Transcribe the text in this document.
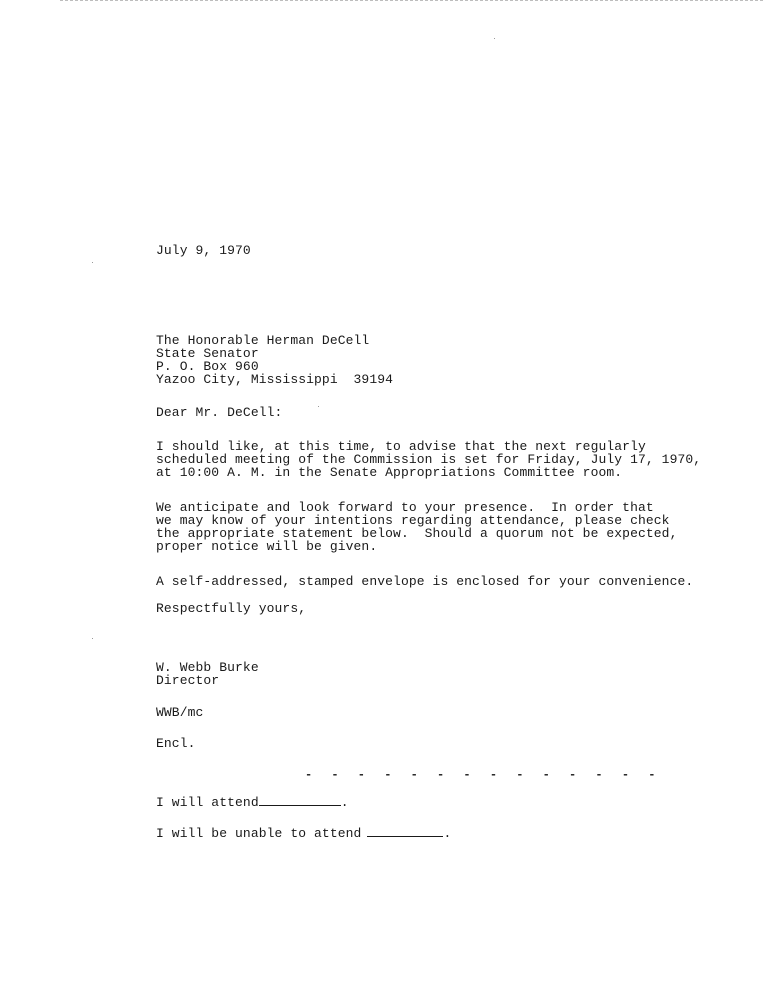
July 9, 1970
The Honorable Herman DeCell
State Senator
P. O. Box 960
Yazoo City, Mississippi  39194
Dear Mr. DeCell:
I should like, at this time, to advise that the next regularly
scheduled meeting of the Commission is set for Friday, July 17, 1970,
at 10:00 A. M. in the Senate Appropriations Committee room.
We anticipate and look forward to your presence.  In order that
we may know of your intentions regarding attendance, please check
the appropriate statement below.  Should a quorum not be expected,
proper notice will be given.
A self-addressed, stamped envelope is enclosed for your convenience.
Respectfully yours,
W. Webb Burke
Director
WWB/mc
Encl.
- - - - - - - - - - - - - -
I will attend	.
I will be unable to attend	.
